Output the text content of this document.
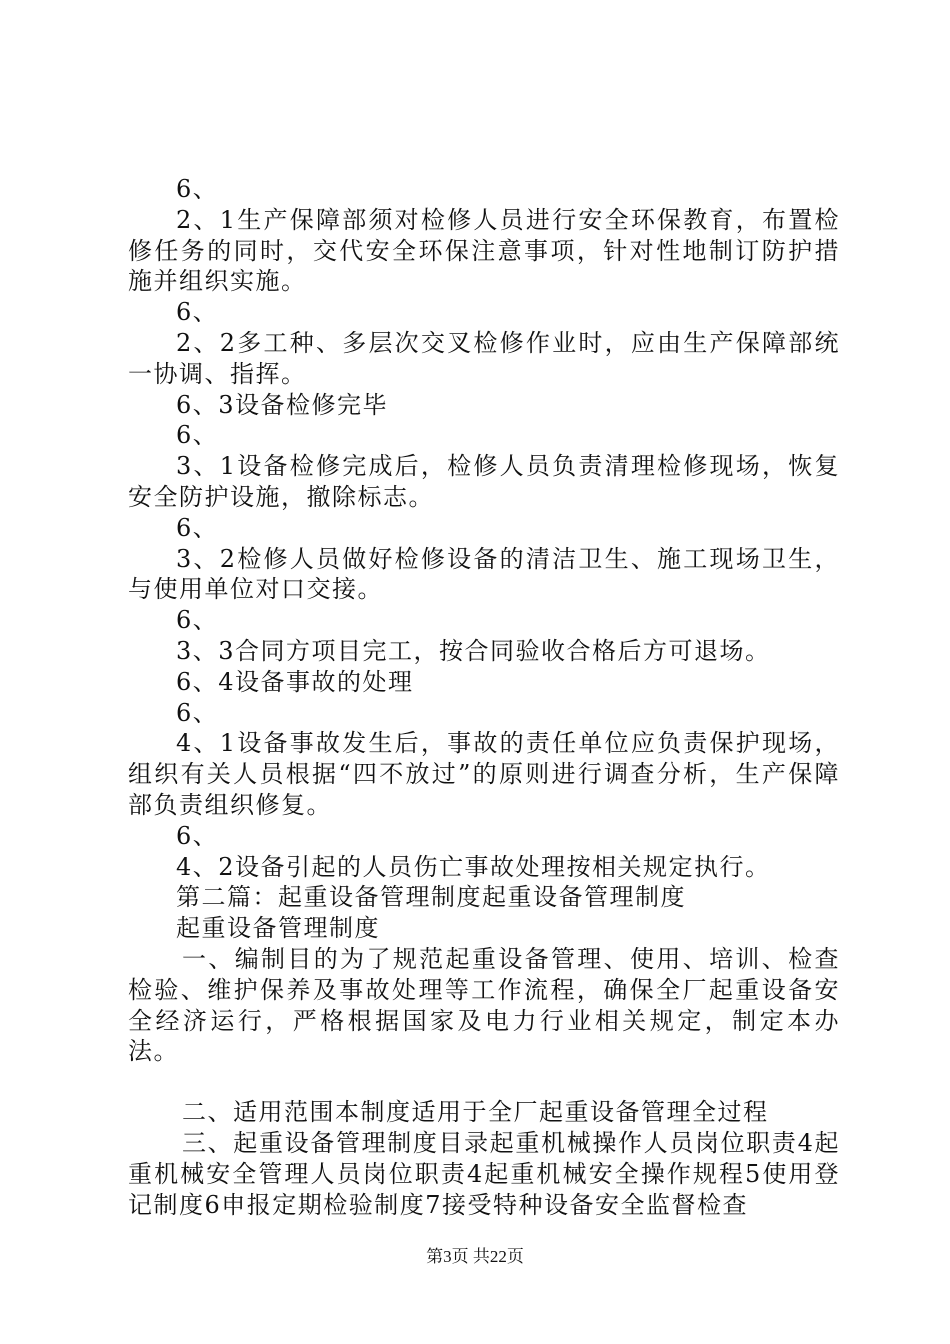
6、

2、1生产保障部须对检修人员进行安全环保教育，布置检修任务的同时，交代安全环保注意事项，针对性地制订防护措施并组织实施。

6、

2、2多工种、多层次交叉检修作业时，应由生产保障部统一协调、指挥。

6、3设备检修完毕

6、

3、1设备检修完成后，检修人员负责清理检修现场，恢复安全防护设施，撤除标志。

6、

3、2检修人员做好检修设备的清洁卫生、施工现场卫生，与使用单位对口交接。

6、

3、3合同方项目完工，按合同验收合格后方可退场。

6、4设备事故的处理

6、

4、1设备事故发生后，事故的责任单位应负责保护现场，组织有关人员根据“四不放过”的原则进行调查分析，生产保障部负责组织修复。

6、

4、2设备引起的人员伤亡事故处理按相关规定执行。

第二篇：起重设备管理制度起重设备管理制度

起重设备管理制度

一、编制目的为了规范起重设备管理、使用、培训、检查检验、维护保养及事故处理等工作流程，确保全厂起重设备安全经济运行，严格根据国家及电力行业相关规定，制定本办法。

二、适用范围本制度适用于全厂起重设备管理全过程

三、起重设备管理制度目录起重机械操作人员岗位职责4起重机械安全管理人员岗位职责4起重机械安全操作规程5使用登记制度6申报定期检验制度7接受特种设备安全监督检查

第3页 共22页
